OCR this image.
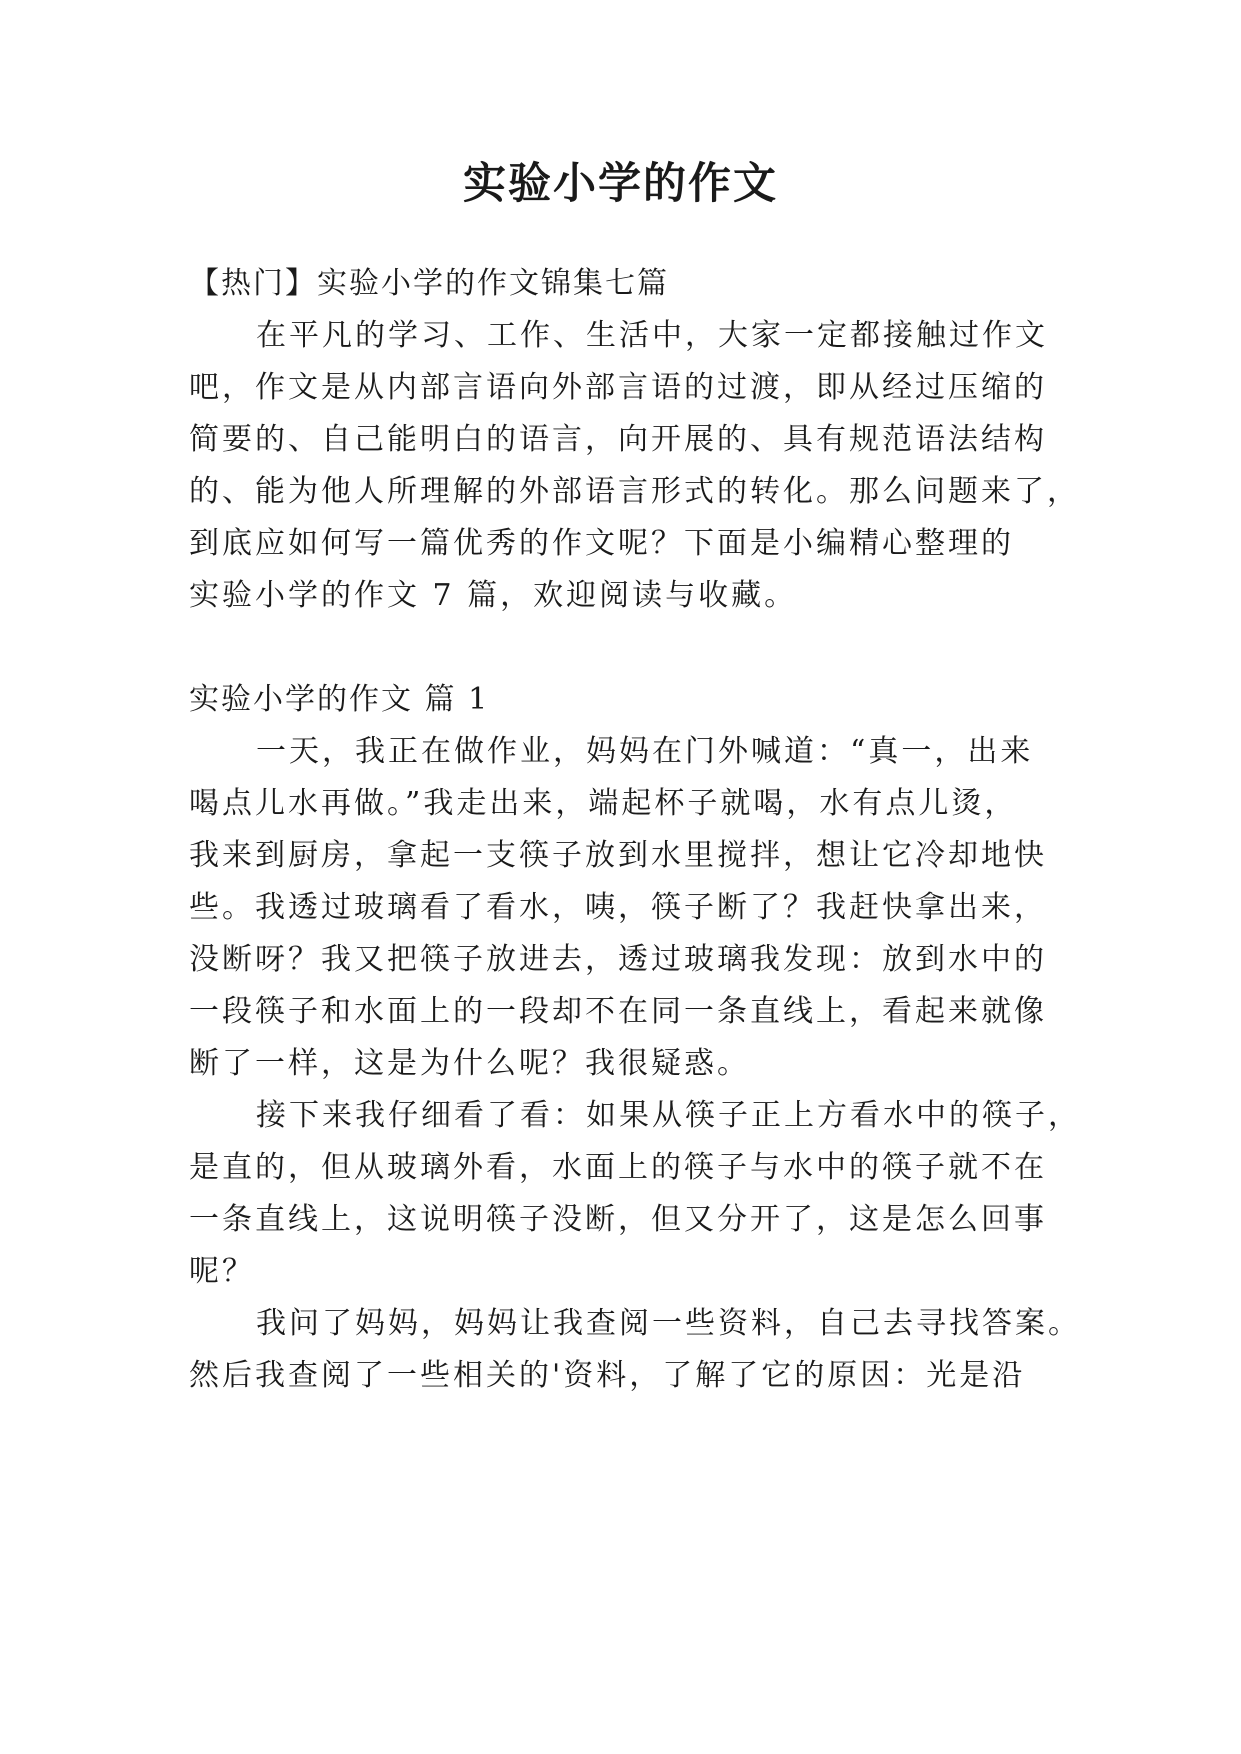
实验小学的作文
【热门】实验小学的作文锦集七篇
在平凡的学习、工作、生活中，大家一定都接触过作文
吧，作文是从内部言语向外部言语的过渡，即从经过压缩的
简要的、自己能明白的语言，向开展的、具有规范语法结构
的、能为他人所理解的外部语言形式的转化。那么问题来了，
到底应如何写一篇优秀的作文呢？下面是小编精心整理的
实验小学的作文 7 篇，欢迎阅读与收藏。
实验小学的作文 篇 1
一天，我正在做作业，妈妈在门外喊道：“真一，出来
喝点儿水再做。”我走出来，端起杯子就喝，水有点儿烫，
我来到厨房，拿起一支筷子放到水里搅拌，想让它冷却地快
些。我透过玻璃看了看水，咦，筷子断了？我赶快拿出来，
没断呀？我又把筷子放进去，透过玻璃我发现：放到水中的
一段筷子和水面上的一段却不在同一条直线上，看起来就像
断了一样，这是为什么呢？我很疑惑。
接下来我仔细看了看：如果从筷子正上方看水中的筷子，
是直的，但从玻璃外看，水面上的筷子与水中的筷子就不在
一条直线上，这说明筷子没断，但又分开了，这是怎么回事
呢？
我问了妈妈，妈妈让我查阅一些资料，自己去寻找答案。
然后我查阅了一些相关的'资料，了解了它的原因：光是沿
